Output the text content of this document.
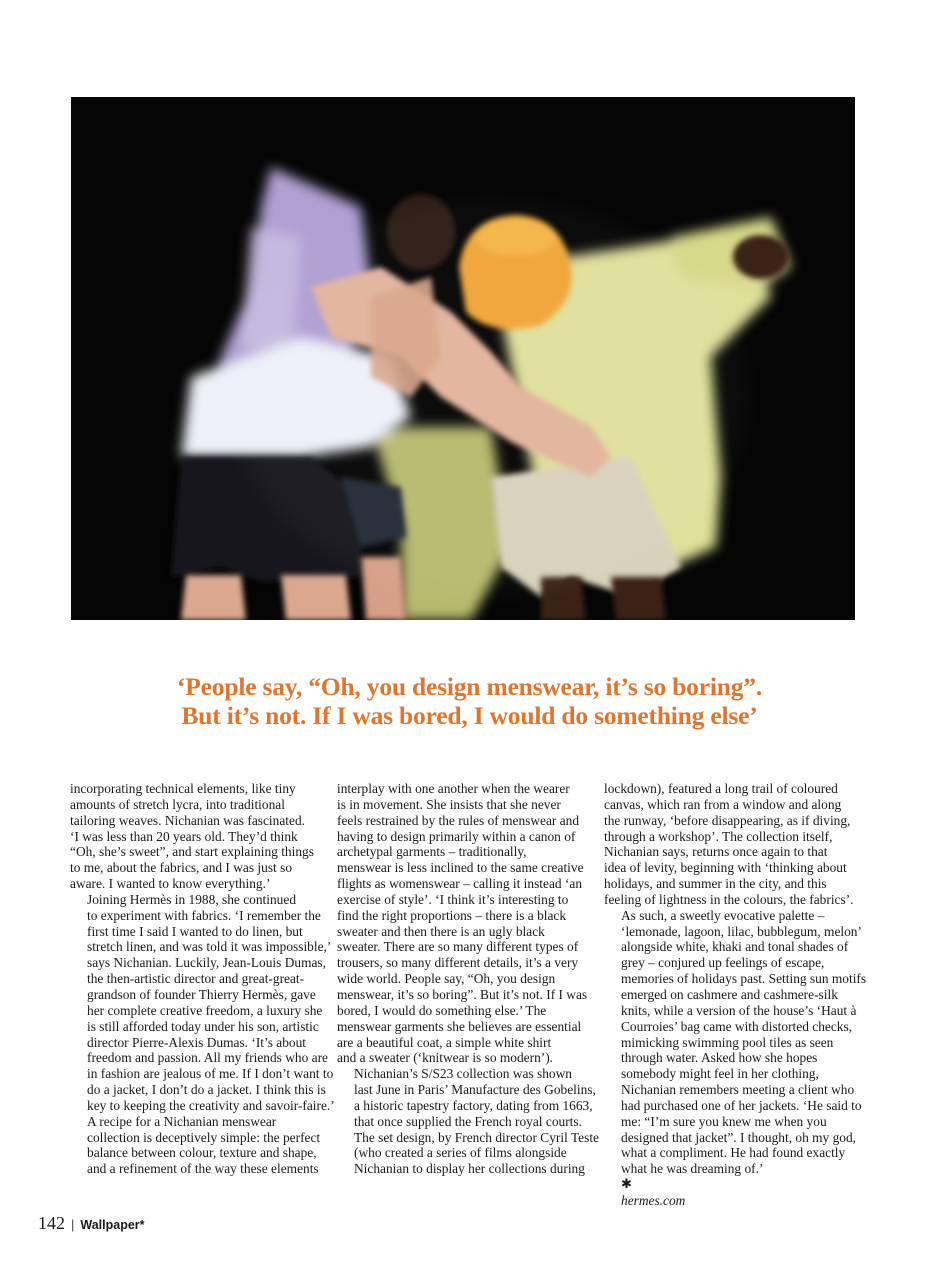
‘People say, “Oh, you design menswear, it’s so boring”.
But it’s not. If I was bored, I would do something else’

incorporating technical elements, like tiny
amounts of stretch lycra, into traditional
tailoring weaves. Nichanian was fascinated.
‘I was less than 20 years old. They’d think
“Oh, she’s sweet”, and start explaining things
to me, about the fabrics, and I was just so
aware. I wanted to know everything.’

Joining Hermès in 1988, she continued
to experiment with fabrics. ‘I remember the
first time I said I wanted to do linen, but
stretch linen, and was told it was impossible,’
says Nichanian. Luckily, Jean-Louis Dumas,
the then-artistic director and great-great-
grandson of founder Thierry Hermès, gave
her complete creative freedom, a luxury she
is still afforded today under his son, artistic
director Pierre-Alexis Dumas. ‘It’s about
freedom and passion. All my friends who are
in fashion are jealous of me. If I don’t want to
do a jacket, I don’t do a jacket. I think this is
key to keeping the creativity and savoir-faire.’

A recipe for a Nichanian menswear
collection is deceptively simple: the perfect
balance between colour, texture and shape,
and a refinement of the way these elements

interplay with one another when the wearer
is in movement. She insists that she never
feels restrained by the rules of menswear and
having to design primarily within a canon of
archetypal garments – traditionally,
menswear is less inclined to the same creative
flights as womenswear – calling it instead ‘an
exercise of style’. ‘I think it’s interesting to
find the right proportions – there is a black
sweater and then there is an ugly black
sweater. There are so many different types of
trousers, so many different details, it’s a very
wide world. People say, “Oh, you design
menswear, it’s so boring”. But it’s not. If I was
bored, I would do something else.’ The
menswear garments she believes are essential
are a beautiful coat, a simple white shirt
and a sweater (‘knitwear is so modern’).

Nichanian’s S/S23 collection was shown
last June in Paris’ Manufacture des Gobelins,
a historic tapestry factory, dating from 1663,
that once supplied the French royal courts.
The set design, by French director Cyril Teste
(who created a series of films alongside
Nichanian to display her collections during

lockdown), featured a long trail of coloured
canvas, which ran from a window and along
the runway, ‘before disappearing, as if diving,
through a workshop’. The collection itself,
Nichanian says, returns once again to that
idea of levity, beginning with ‘thinking about
holidays, and summer in the city, and this
feeling of lightness in the colours, the fabrics’.

As such, a sweetly evocative palette –
‘lemonade, lagoon, lilac, bubblegum, melon’
alongside white, khaki and tonal shades of
grey – conjured up feelings of escape,
memories of holidays past. Setting sun motifs
emerged on cashmere and cashmere-silk
knits, while a version of the house’s ‘Haut à
Courroies’ bag came with distorted checks,
mimicking swimming pool tiles as seen
through water. Asked how she hopes
somebody might feel in her clothing,
Nichanian remembers meeting a client who
had purchased one of her jackets. ‘He said to
me: “I’m sure you knew me when you
designed that jacket”. I thought, oh my god,
what a compliment. He had found exactly
what he was dreaming of.’
✱
hermes.com

142 | Wallpaper*
